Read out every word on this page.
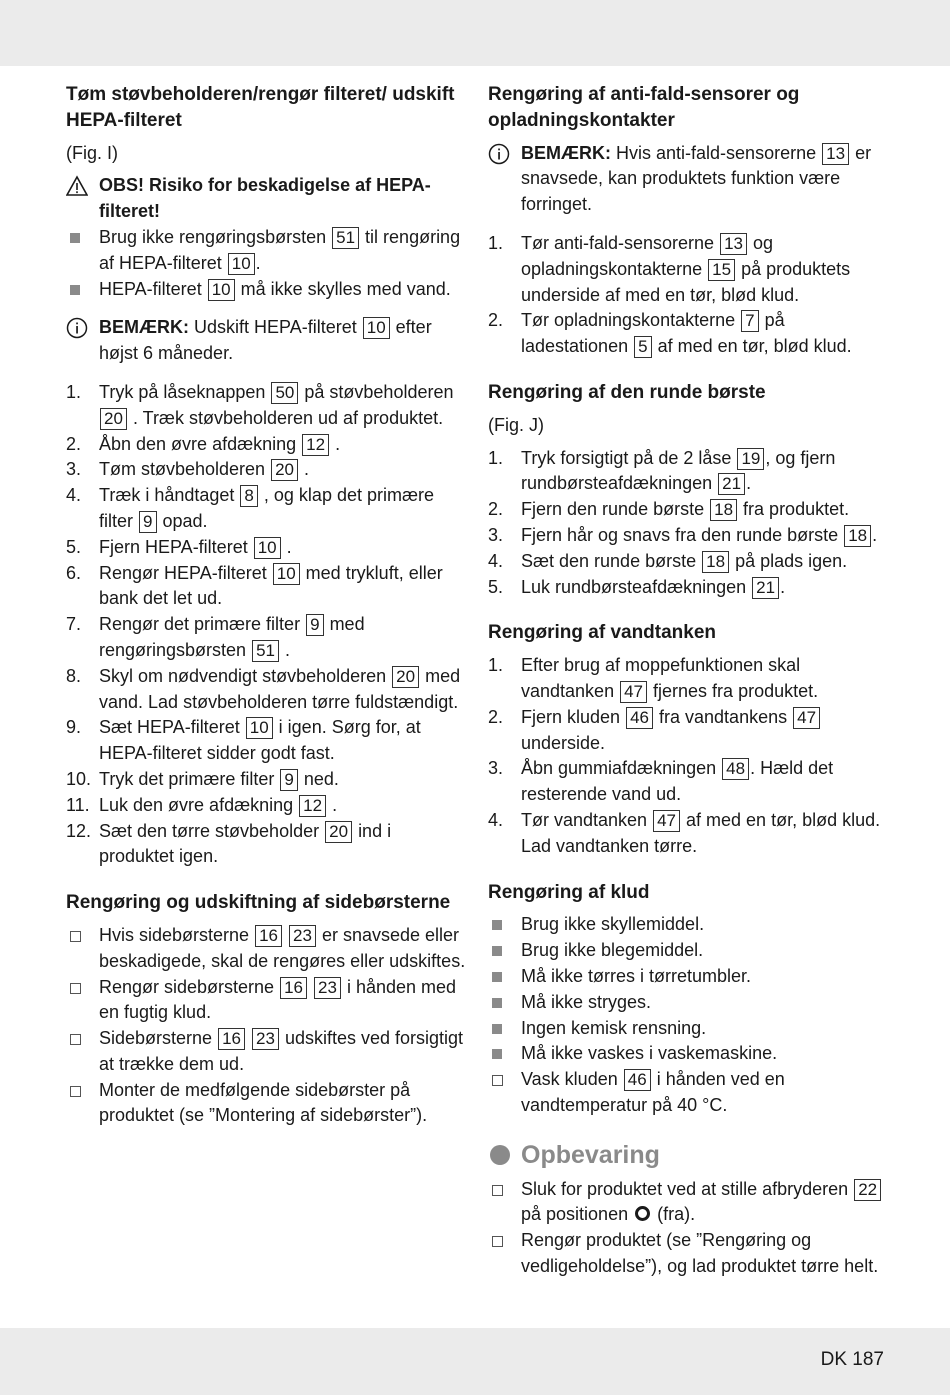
Tøm støvbeholderen/rengør filteret/ udskift HEPA-filteret
(Fig. I)
OBS! Risiko for beskadigelse af HEPA-filteret!
Brug ikke rengøringsbørsten 51 til rengøring af HEPA-filteret 10 .
HEPA-filteret 10 må ikke skylles med vand.
BEMÆRK: Udskift HEPA-filteret 10 efter højst 6 måneder.
1. Tryk på låseknappen 50 på støvbeholderen 20 . Træk støvbeholderen ud af produktet.
2. Åbn den øvre afdækning 12 .
3. Tøm støvbeholderen 20 .
4. Træk i håndtaget 8 , og klap det primære filter 9 opad.
5. Fjern HEPA-filteret 10 .
6. Rengør HEPA-filteret 10 med trykluft, eller bank det let ud.
7. Rengør det primære filter 9 med rengøringsbørsten 51 .
8. Skyl om nødvendigt støvbeholderen 20 med vand. Lad støvbeholderen tørre fuldstændigt.
9. Sæt HEPA-filteret 10 i igen. Sørg for, at HEPA-filteret sidder godt fast.
10. Tryk det primære filter 9 ned.
11. Luk den øvre afdækning 12 .
12. Sæt den tørre støvbeholder 20 ind i produktet igen.
Rengøring og udskiftning af sidebørsterne
Hvis sidebørsterne 16 23 er snavsede eller beskadigede, skal de rengøres eller udskiftes.
Rengør sidebørsterne 16 23 i hånden med en fugtig klud.
Sidebørsterne 16 23 udskiftes ved forsigtigt at trække dem ud.
Monter de medfølgende sidebørster på produktet (se ”Montering af sidebørster”).
Rengøring af anti-fald-sensorer og opladningskontakter
BEMÆRK: Hvis anti-fald-sensorerne 13 er snavsede, kan produktets funktion være forringet.
1. Tør anti-fald-sensorerne 13 og opladningskontakterne 15 på produktets underside af med en tør, blød klud.
2. Tør opladningskontakterne 7 på ladestationen 5 af med en tør, blød klud.
Rengøring af den runde børste
(Fig. J)
1. Tryk forsigtigt på de 2 låse 19 , og fjern rundbørsteafdækningen 21 .
2. Fjern den runde børste 18 fra produktet.
3. Fjern hår og snavs fra den runde børste 18 .
4. Sæt den runde børste 18 på plads igen.
5. Luk rundbørsteafdækningen 21 .
Rengøring af vandtanken
1. Efter brug af moppefunktionen skal vandtanken 47 fjernes fra produktet.
2. Fjern kluden 46 fra vandtankens 47 underside.
3. Åbn gummiafdækningen 48 . Hæld det resterende vand ud.
4. Tør vandtanken 47 af med en tør, blød klud. Lad vandtanken tørre.
Rengøring af klud
Brug ikke skyllemiddel.
Brug ikke blegemiddel.
Må ikke tørres i tørretumbler.
Må ikke stryges.
Ingen kemisk rensning.
Må ikke vaskes i vaskemaskine.
Vask kluden 46 i hånden ved en vandtemperatur på 40 °C.
Opbevaring
Sluk for produktet ved at stille afbryderen 22 på positionen (fra).
Rengør produktet (se ”Rengøring og vedligeholdelse”), og lad produktet tørre helt.
DK 187
